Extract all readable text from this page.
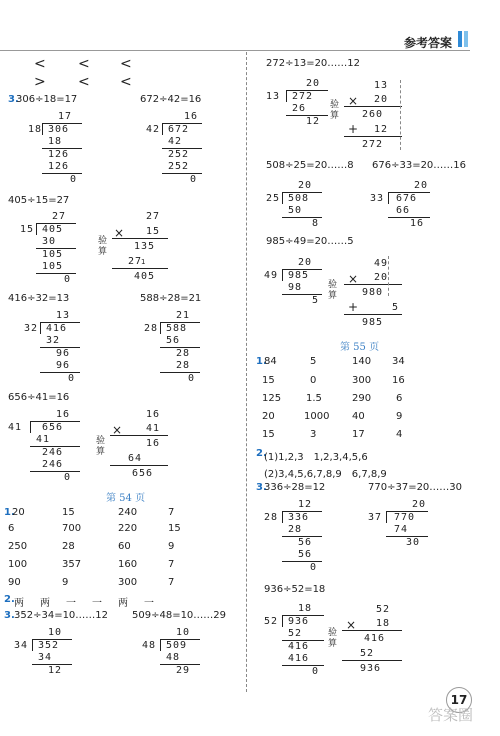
参考答案
< < <
> < <
3.
306÷18=17	672÷42=16
17
18 306
18
126
126
0
16
42 672
42
252
252
0
405÷15=27
27
15 405
30
105
105
0
验算
27
× 15
135
27
1
405
416÷32=13	588÷28=21
13
32 416
32
96
96
0
21
28 588
56
28
28
0
656÷41=16
16
41 656
41
246
246
0
验算
16
× 41
16
64
656
第 54 页
1.
20	15	240	7
6	700	220	15
250	28	60	9
100	357	160	7
90	9	300	7
2. 两　两　一　一　两　一
3. 352÷34=10……12 509÷48=10……29
10
34 352
34
12
10
48 509
48
29
272÷13=20……12
20
13 272
26
12
验算
13
× 20
260
+ 12
272
508÷25=20……8 676÷33=20……16
20
25 508
50
8
20
33 676
66
16
985÷49=20……5
20
49 985
98
5
验算
49
× 20
980
+	5
985
第 55 页
1.
84	5	140 34
15	0	300 16
125 1.5	290 6
20	1000 40	9
15	3	17	4
2.
(1)1,2,3　1,2,3,4,5,6
(2)3,4,5,6,7,8,9　6,7,8,9
3.
336÷28=12	770÷37=20……30
12
28 336
28
56
56
0
20
37 770
74
30
936÷52=18
18
52 936
52
416
416
0
验算
52
× 18
416
52
936
17
答案圈
